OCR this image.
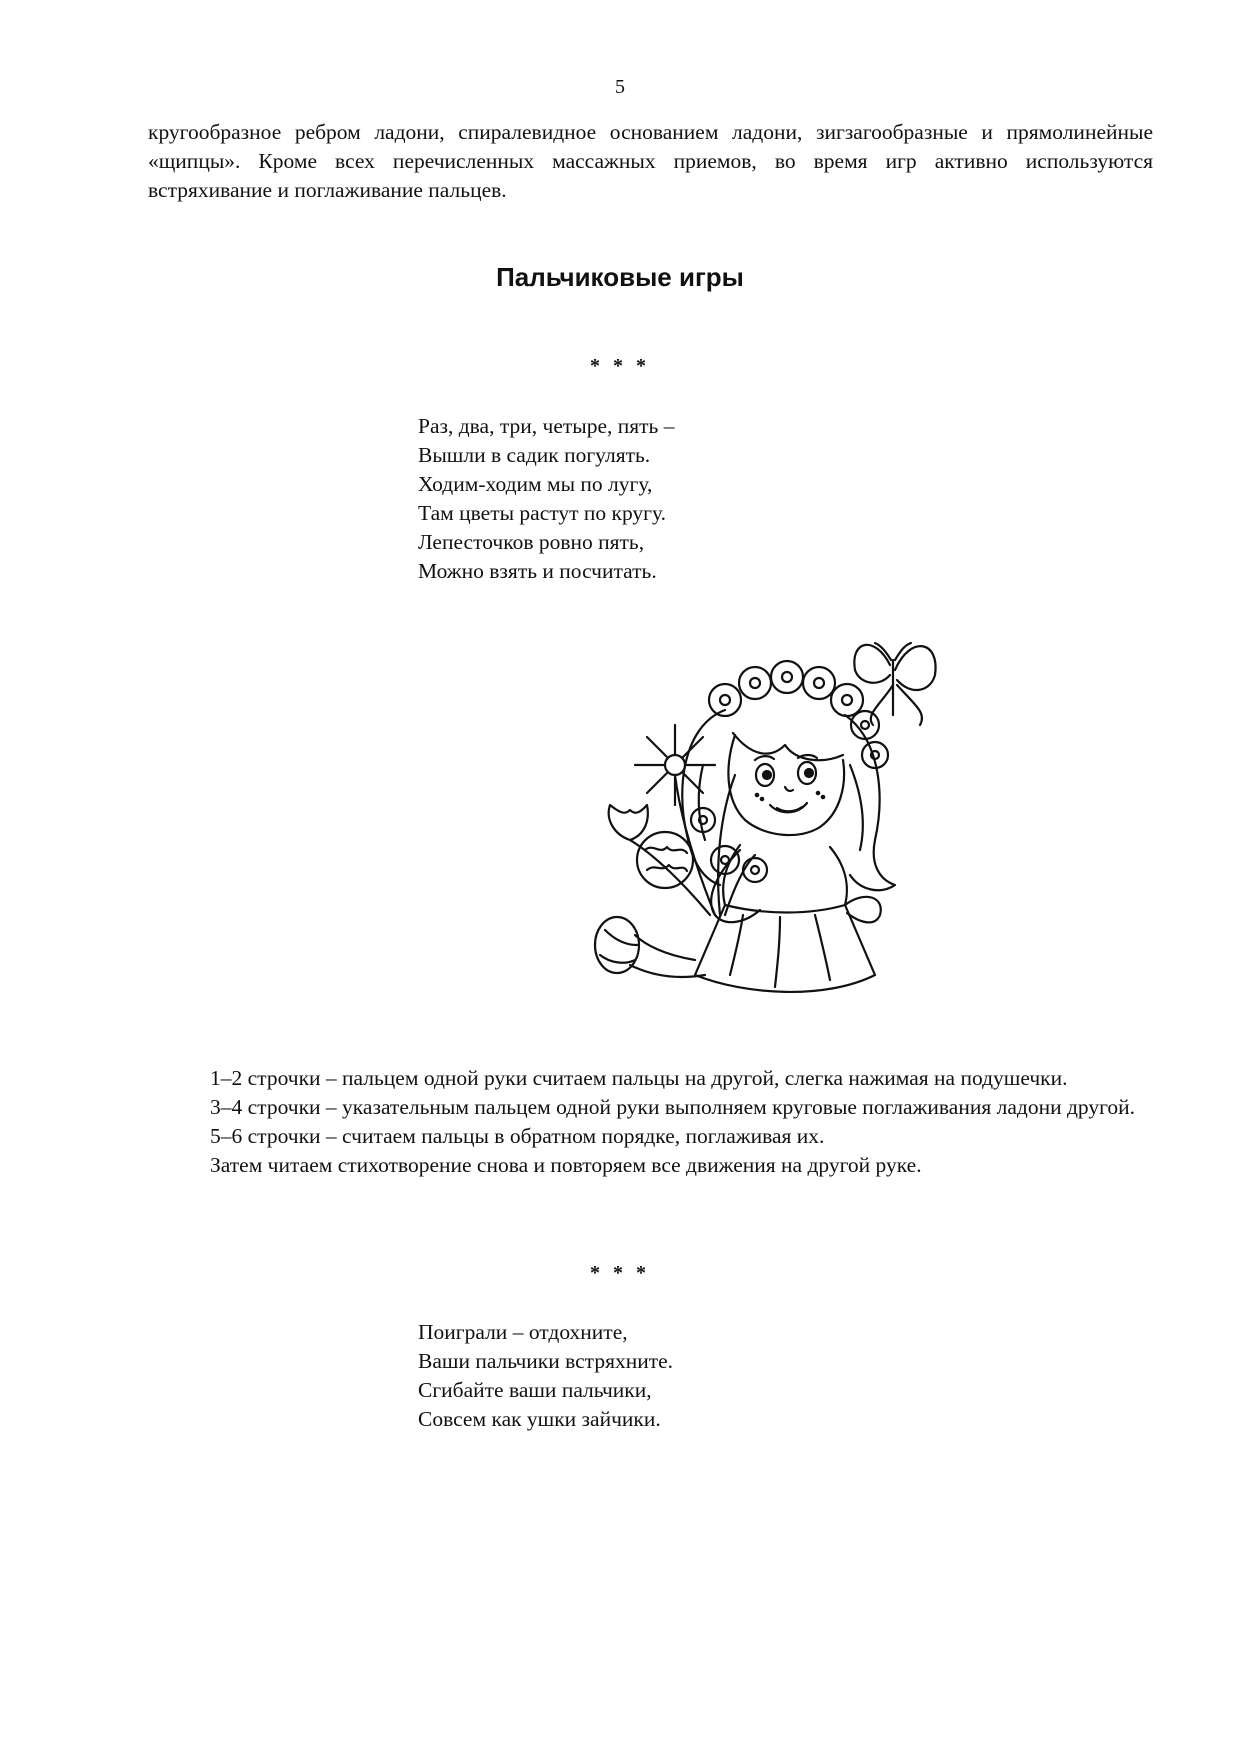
5

кругообразное ребром ладони, спиралевидное основанием ладони, зигзагообразные и прямолинейные «щипцы». Кроме всех перечисленных массажных приемов, во время игр активно используются встряхивание и поглаживание пальцев.

Пальчиковые игры
* * *
Раз, два, три, четыре, пять –
Вышли в садик погулять.
Ходим-ходим мы по лугу,
Там цветы растут по кругу.
Лепесточков ровно пять,
Можно взять и посчитать.

1–2 строчки – пальцем одной руки считаем пальцы на другой, слегка нажимая на подушечки.

3–4 строчки – указательным пальцем одной руки выполняем круговые поглаживания ладони другой.

5–6 строчки – считаем пальцы в обратном порядке, поглаживая их.

Затем читаем стихотворение снова и повторяем все движения на другой руке.

* * *
Поиграли – отдохните,
Ваши пальчики встряхните.
Сгибайте ваши пальчики,
Совсем как ушки зайчики.
